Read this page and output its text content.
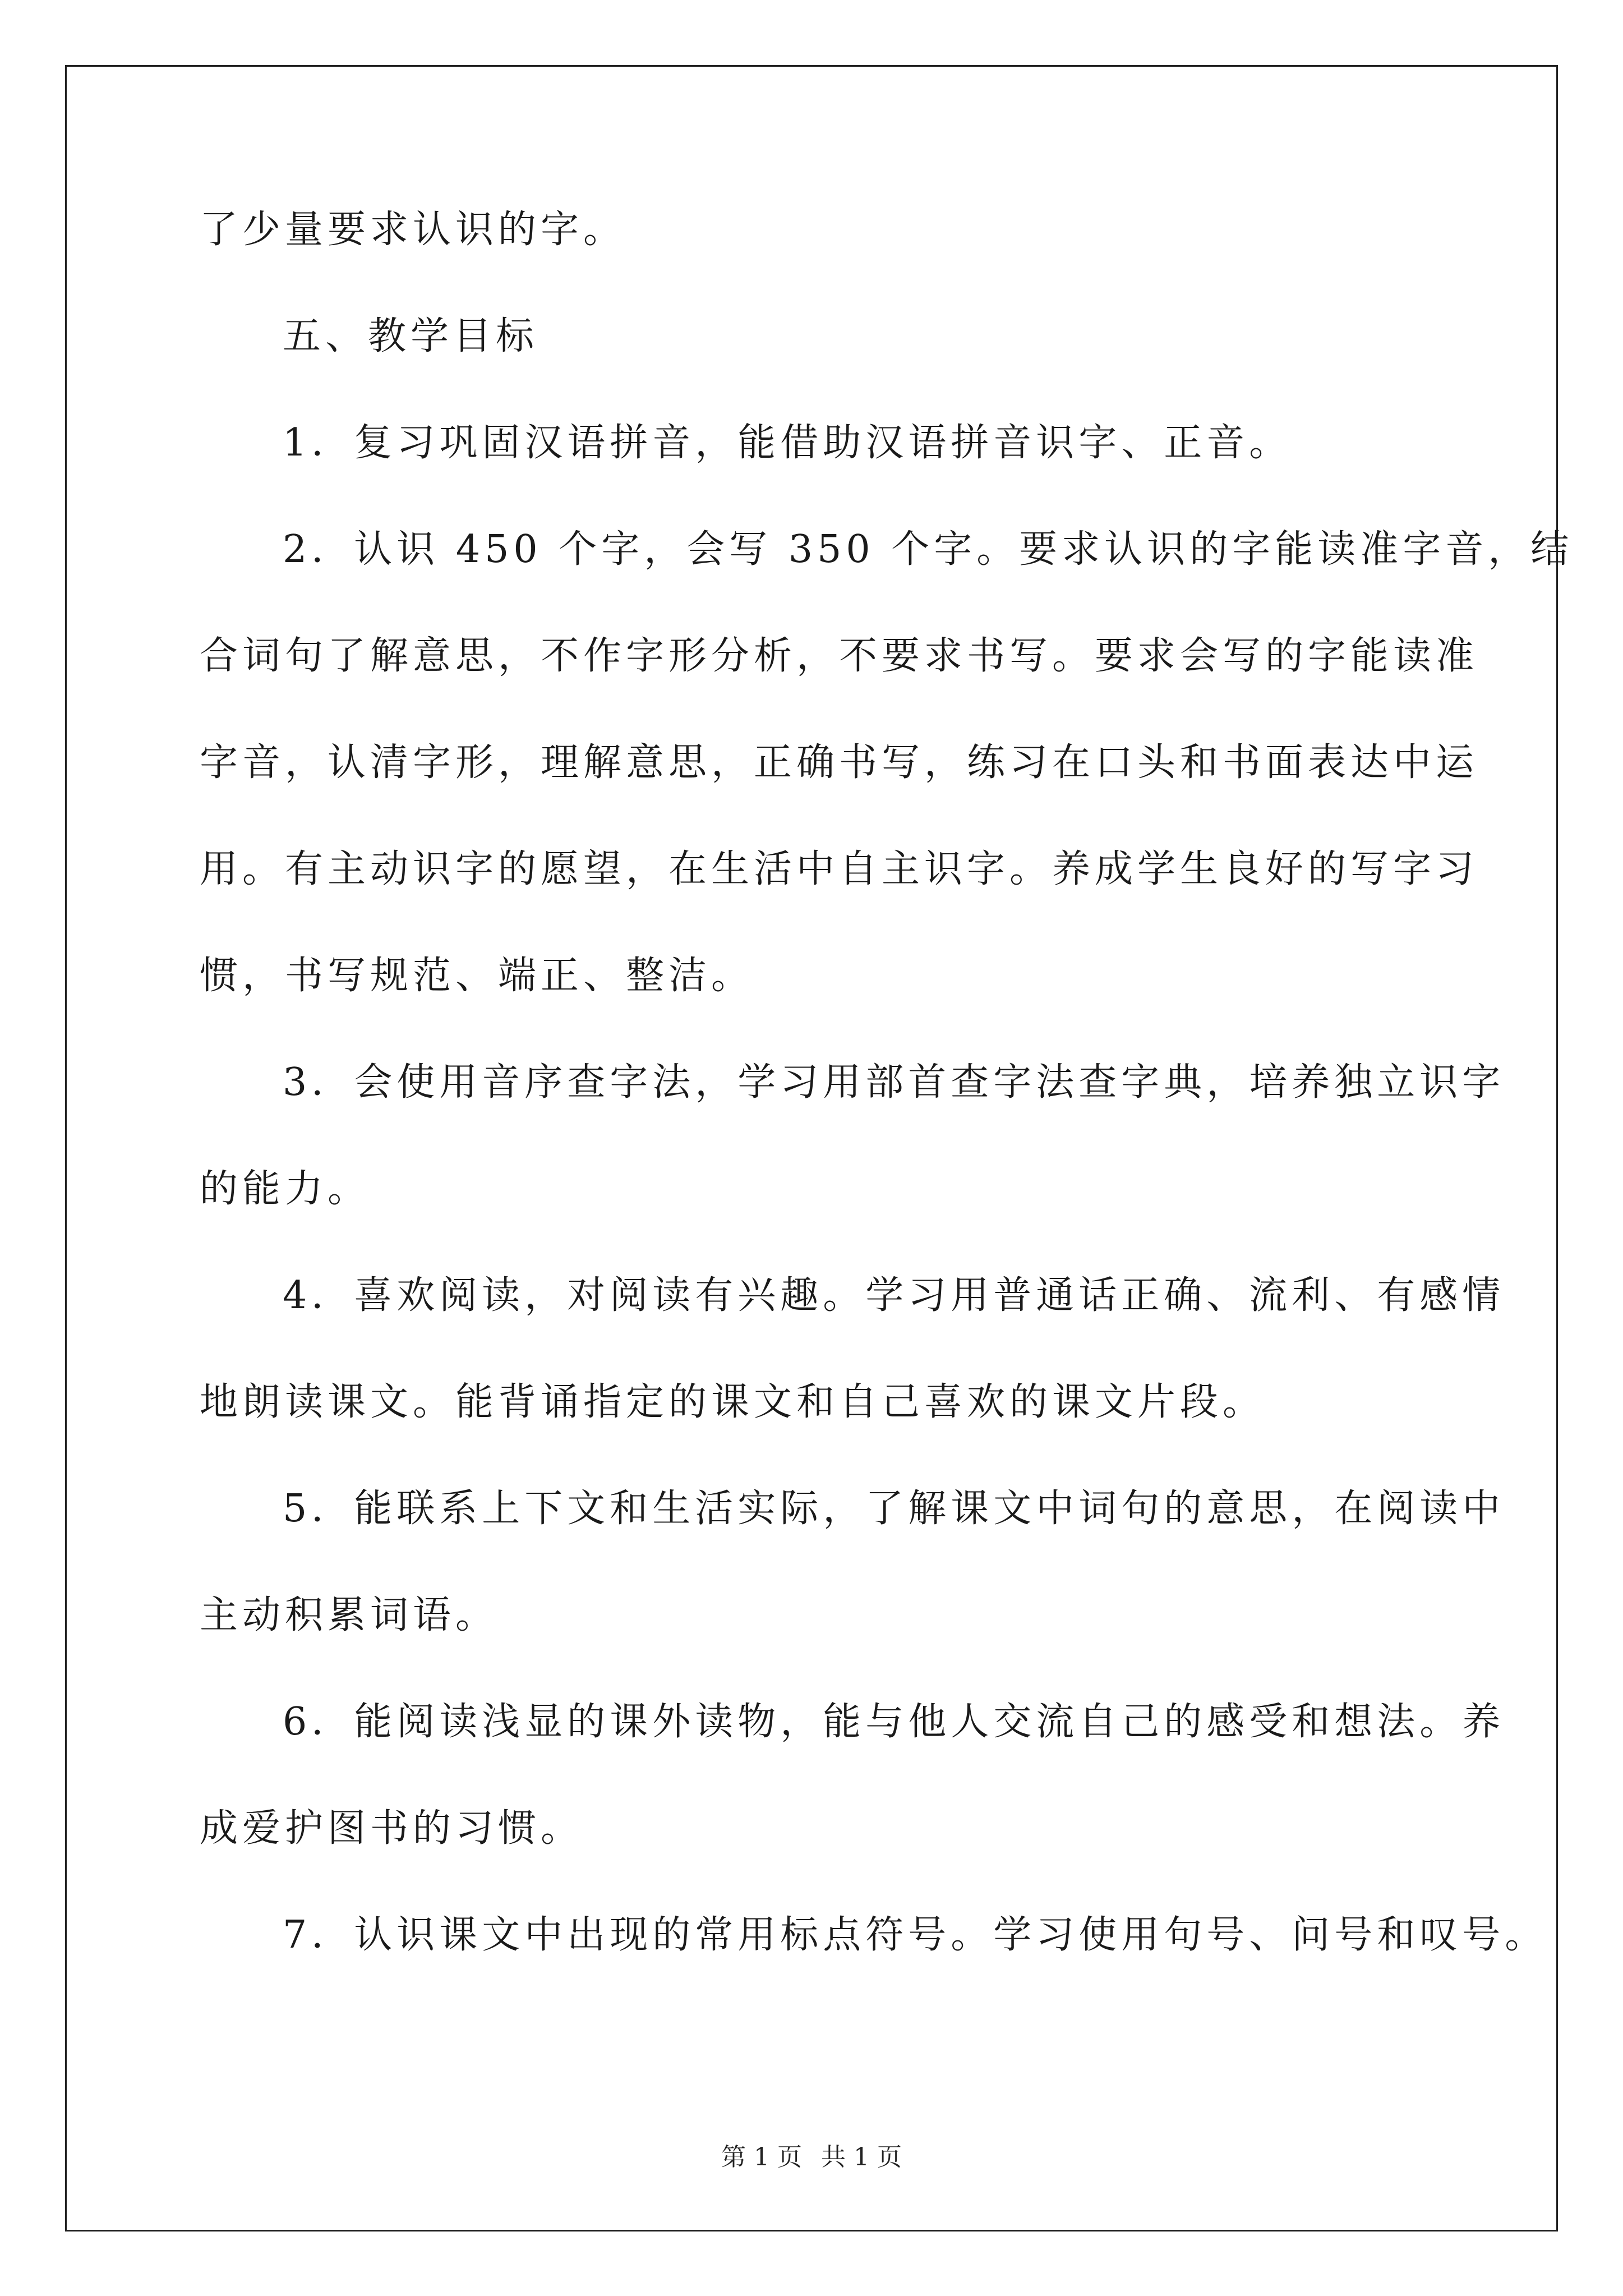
了少量要求认识的字。
五、教学目标
1．复习巩固汉语拼音，能借助汉语拼音识字、正音。
2．认识 450 个字，会写 350 个字。要求认识的字能读准字音，结
合词句了解意思，不作字形分析，不要求书写。要求会写的字能读准
字音，认清字形，理解意思，正确书写，练习在口头和书面表达中运
用。有主动识字的愿望，在生活中自主识字。养成学生良好的写字习
惯，书写规范、端正、整洁。
3．会使用音序查字法，学习用部首查字法查字典，培养独立识字
的能力。
4．喜欢阅读，对阅读有兴趣。学习用普通话正确、流利、有感情
地朗读课文。能背诵指定的课文和自己喜欢的课文片段。
5．能联系上下文和生活实际，了解课文中词句的意思，在阅读中
主动积累词语。
6．能阅读浅显的课外读物，能与他人交流自己的感受和想法。养
成爱护图书的习惯。
7．认识课文中出现的常用标点符号。学习使用句号、问号和叹号。
第 1 页 共 1 页
